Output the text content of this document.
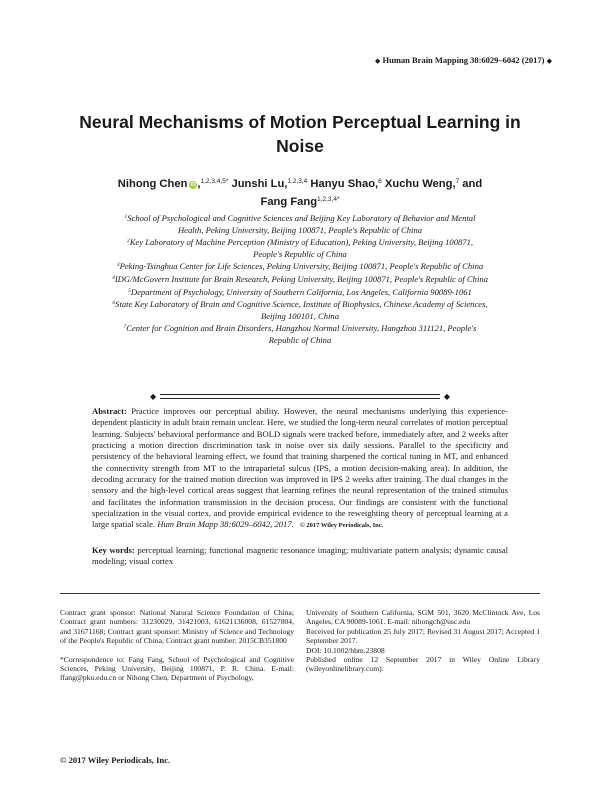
◆ Human Brain Mapping 38:6029–6042 (2017) ◆
Neural Mechanisms of Motion Perceptual Learning in Noise
Nihong Chen iD ,$^{1,2,3,4,5*}$ Junshi Lu,$^{1,2,3,4}$ Hanyu Shao,$^6$ Xuchu Weng,$^7$ and Fang Fang$^{1,2,3,4*}$
$^1$School of Psychological and Cognitive Sciences and Beijing Key Laboratory of Behavior and Mental Health, Peking University, Beijing 100871, People's Republic of China
$^2$Key Laboratory of Machine Perception (Ministry of Education), Peking University, Beijing 100871, People's Republic of China
$^3$Peking-Tsinghua Center for Life Sciences, Peking University, Beijing 100871, People's Republic of China
$^4$IDG/McGovern Institute for Brain Research, Peking University, Beijing 100871, People's Republic of China
$^5$Department of Psychology, University of Southern California, Los Angeles, California 90089-1061
$^6$State Key Laboratory of Brain and Cognitive Science, Institute of Biophysics, Chinese Academy of Sciences, Beijing 100101, China
$^7$Center for Cognition and Brain Disorders, Hangzhou Normal University, Hangzhou 311121, People's Republic of China
◆	◆
Abstract: Practice improves our perceptual ability. However, the neural mechanisms underlying this experience-dependent plasticity in adult brain remain unclear. Here, we studied the long-term neural correlates of motion perceptual learning. Subjects' behavioral performance and BOLD signals were tracked before, immediately after, and 2 weeks after practicing a motion direction discrimination task in noise over six daily sessions. Parallel to the specificity and persistency of the behavioral learning effect, we found that training sharpened the cortical tuning in MT, and enhanced the connectivity strength from MT to the intraparietal sulcus (IPS, a motion decision-making area). In addition, the decoding accuracy for the trained motion direction was improved in IPS 2 weeks after training. The dual changes in the sensory and the high-level cortical areas suggest that learning refines the neural representation of the trained stimulus and facilitates the information transmission in the decision process. Our findings are consistent with the functional specialization in the visual cortex, and provide empirical evidence to the reweighting theory of perceptual learning at a large spatial scale. Hum Brain Mapp 38:6029–6042, 2017. © 2017 Wiley Periodicals, Inc.
Key words: perceptual learning; functional magnetic resonance imaging; multivariate pattern analysis; dynamic causal modeling; visual cortex

Contract grant sponsor: National Natural Science Foundation of China; Contract grant numbers: 31230029, 31421003, 61621136008, 61527804, and 31671168; Contract grant sponsor: Ministry of Science and Technology of the People's Republic of China; Contract grant number: 2015CB351800

*Correspondence to: Fang Fang, School of Psychological and Cognitive Sciences, Peking University, Beijing 100871, P. R. China. E-mail: ffang@pku.edu.cn or Nihong Chen, Department of Psychology,

University of Southern California, SGM 501, 3620 McClintock Ave, Los Angeles, CA 90089-1061. E-mail: nihongch@usc.edu

Received for publication 25 July 2017; Revised 31 August 2017; Accepted 1 September 2017.

DOI: 10.1002/hbm.23808

Published online 12 September 2017 in Wiley Online Library (wileyonlinelibrary.com).

© 2017 Wiley Periodicals, Inc.
